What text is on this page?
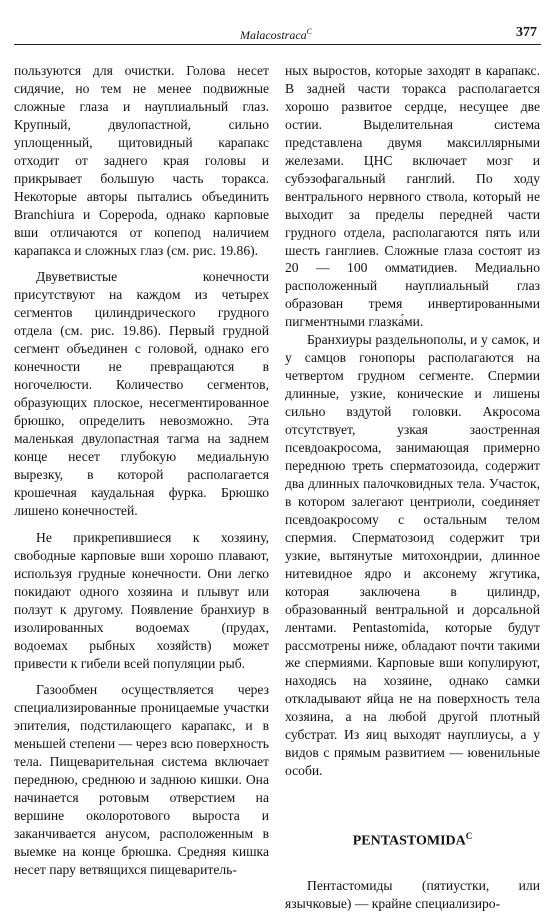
Malacostraca$^C$	377

пользуются для очистки. Голова несет сидячие, но тем не менее подвижные сложные глаза и науплиальный глаз. Крупный, двулопастной, сильно уплощенный, щитовидный карапакс отходит от заднего края головы и прикрывает большую часть торакса. Некоторые авторы пытались объединить Branchiura и Copepoda, однако карповые вши отличаются от копепод наличием карапакса и сложных глаз (см. рис. 19.86).

Двуветвистые конечности присутствуют на каждом из четырех сегментов цилиндрического грудного отдела (см. рис. 19.86). Первый грудной сегмент объединен с головой, однако его конечности не превращаются в ногочелюсти. Количество сегментов, образующих плоское, несегментированное брюшко, определить невозможно. Эта маленькая двулопастная тагма на заднем конце несет глубокую медиальную вырезку, в которой располагается крошечная каудальная фурка. Брюшко лишено конечностей.

Не прикрепившиеся к хозяину, свободные карповые вши хорошо плавают, используя грудные конечности. Они легко покидают одного хозяина и плывут или ползут к другому. Появление бранхиур в изолированных водоемах (прудах, водоемах рыбных хозяйств) может привести к гибели всей популяции рыб.

Газообмен осуществляется через специализированные проницаемые участки эпителия, подстилающего карапакс, и в меньшей степени — через всю поверхность тела. Пищеварительная система включает переднюю, среднюю и заднюю кишки. Она начинается ротовым отверстием на вершине околоротового выроста и заканчивается анусом, расположенным в выемке на конце брюшка. Средняя кишка несет пару ветвящихся пищеваритель-

ных выростов, которые заходят в карапакс. В задней части торакса располагается хорошо развитое сердце, несущее две остии. Выделительная система представлена двумя максиллярными железами. ЦНС включает мозг и субэзофагальный ганглий. По ходу вентрального нервного ствола, который не выходит за пределы передней части грудного отдела, располагаются пять или шесть ганглиев. Сложные глаза состоят из 20 — 100 омматидиев. Медиально расположенный науплиальный глаз образован тремя инвертированными пигментными глазка́ми.

Бранхиуры раздельнополы, и у самок, и у самцов гонопоры располагаются на четвертом грудном сегменте. Спермии длинные, узкие, конические и лишены сильно вздутой головки. Акросома отсутствует, узкая заостренная псевдоакросома, занимающая примерно переднюю треть сперматозоида, содержит два длинных палочковидных тела. Участок, в котором залегают центриоли, соединяет псевдоакросому с остальным телом спермия. Сперматозоид содержит три узкие, вытянутые митохондрии, длинное нитевидное ядро и аксонему жгутика, которая заключена в цилиндр, образованный вентральной и дорсальной лентами. Pentastomida, которые будут рассмотрены ниже, обладают почти такими же спермиями. Карповые вши копулируют, находясь на хозяине, однако самки откладывают яйца не на поверхность тела хозяина, а на любой другой плотный субстрат. Из яиц выходят науплиусы, а у видов с прямым развитием — ювенильные особи.

$PENTASTOMIDA^C$

Пентастомиды (пятиустки, или язычковые) — крайне специализиро-
